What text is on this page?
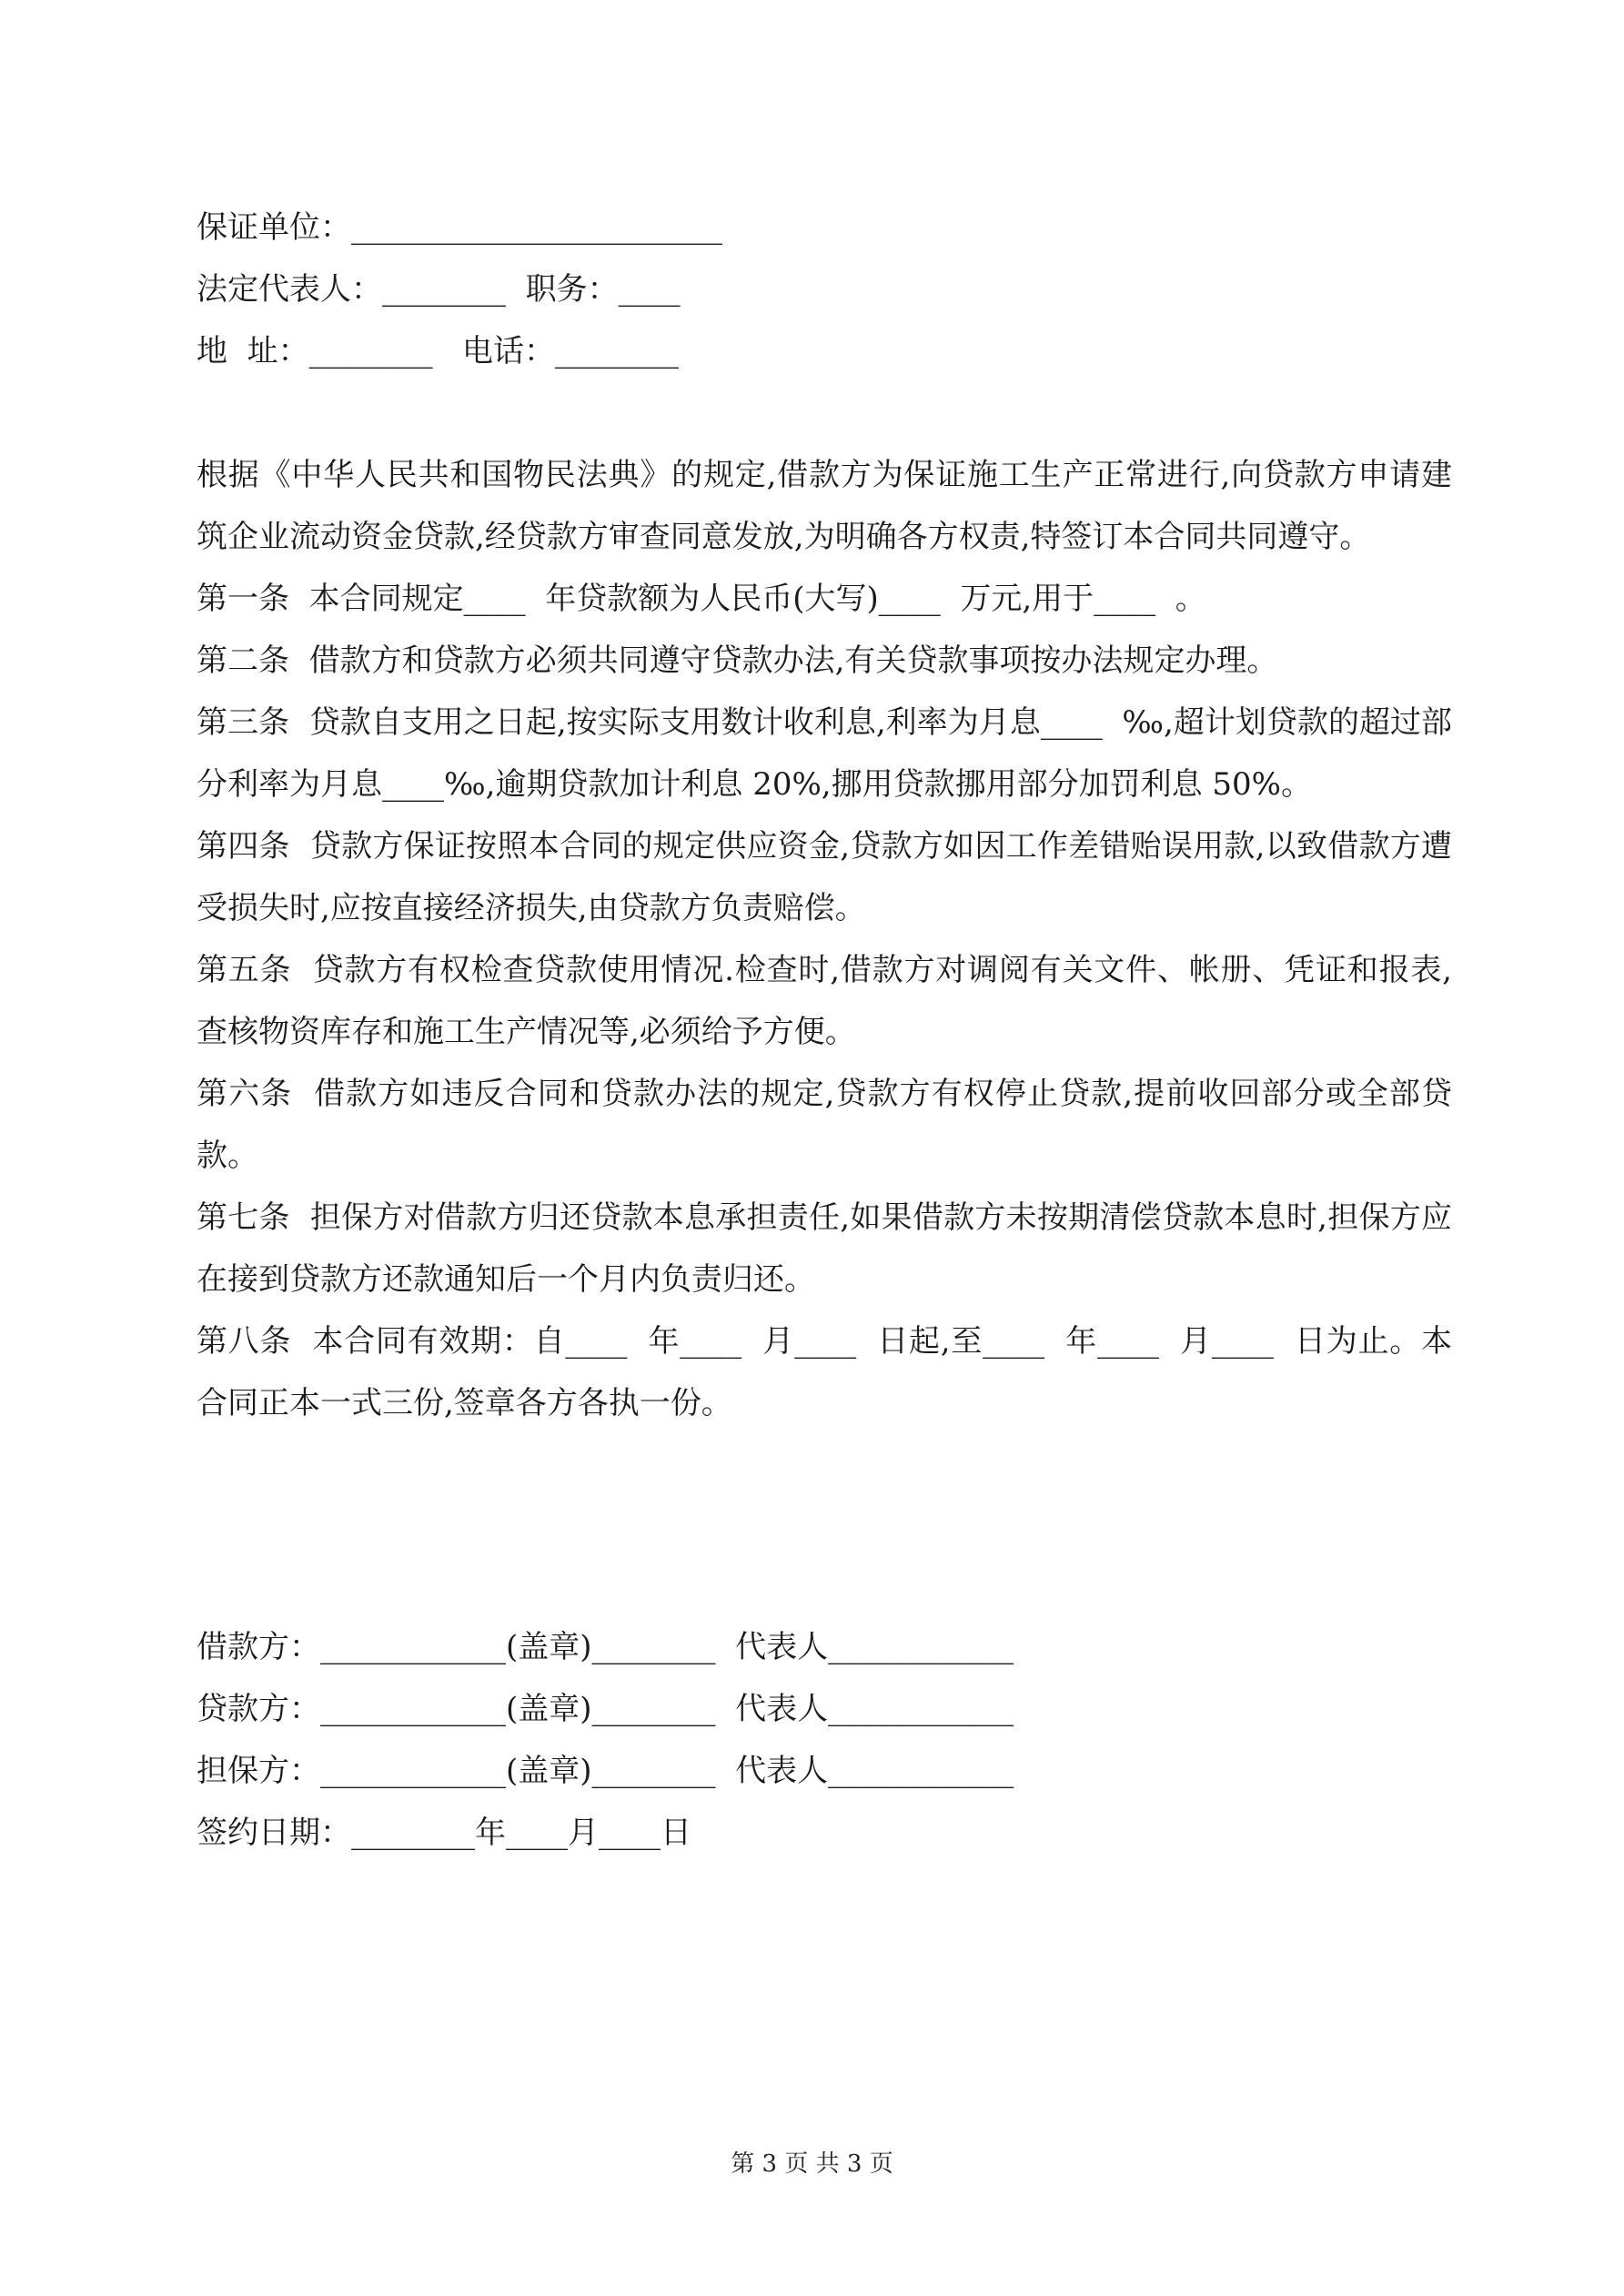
保证单位：________________________
法定代表人：________  职务：____
地  址：________   电话：________
根据《中华人民共和国物民法典》的规定,借款方为保证施工生产正常进行,向贷款方申请建筑企业流动资金贷款,经贷款方审查同意发放,为明确各方权责,特签订本合同共同遵守。
第一条  本合同规定____  年贷款额为人民币(大写)____  万元,用于____  。
第二条  借款方和贷款方必须共同遵守贷款办法,有关贷款事项按办法规定办理。
第三条  贷款自支用之日起,按实际支用数计收利息,利率为月息____  ‰,超计划贷款的超过部分利率为月息____‰,逾期贷款加计利息 20%,挪用贷款挪用部分加罚利息 50%。
第四条  贷款方保证按照本合同的规定供应资金,贷款方如因工作差错贻误用款,以致借款方遭受损失时,应按直接经济损失,由贷款方负责赔偿。
第五条  贷款方有权检查贷款使用情况.检查时,借款方对调阅有关文件、帐册、凭证和报表,查核物资库存和施工生产情况等,必须给予方便。
第六条  借款方如违反合同和贷款办法的规定,贷款方有权停止贷款,提前收回部分或全部贷款。
第七条  担保方对借款方归还贷款本息承担责任,如果借款方未按期清偿贷款本息时,担保方应在接到贷款方还款通知后一个月内负责归还。
第八条  本合同有效期：自____  年____  月____  日起,至____  年____  月____  日为止。本合同正本一式三份,签章各方各执一份。
借款方：____________(盖章)________  代表人____________
贷款方：____________(盖章)________  代表人____________
担保方：____________(盖章)________  代表人____________
签约日期：________年____月____日
第 3 页 共 3 页
